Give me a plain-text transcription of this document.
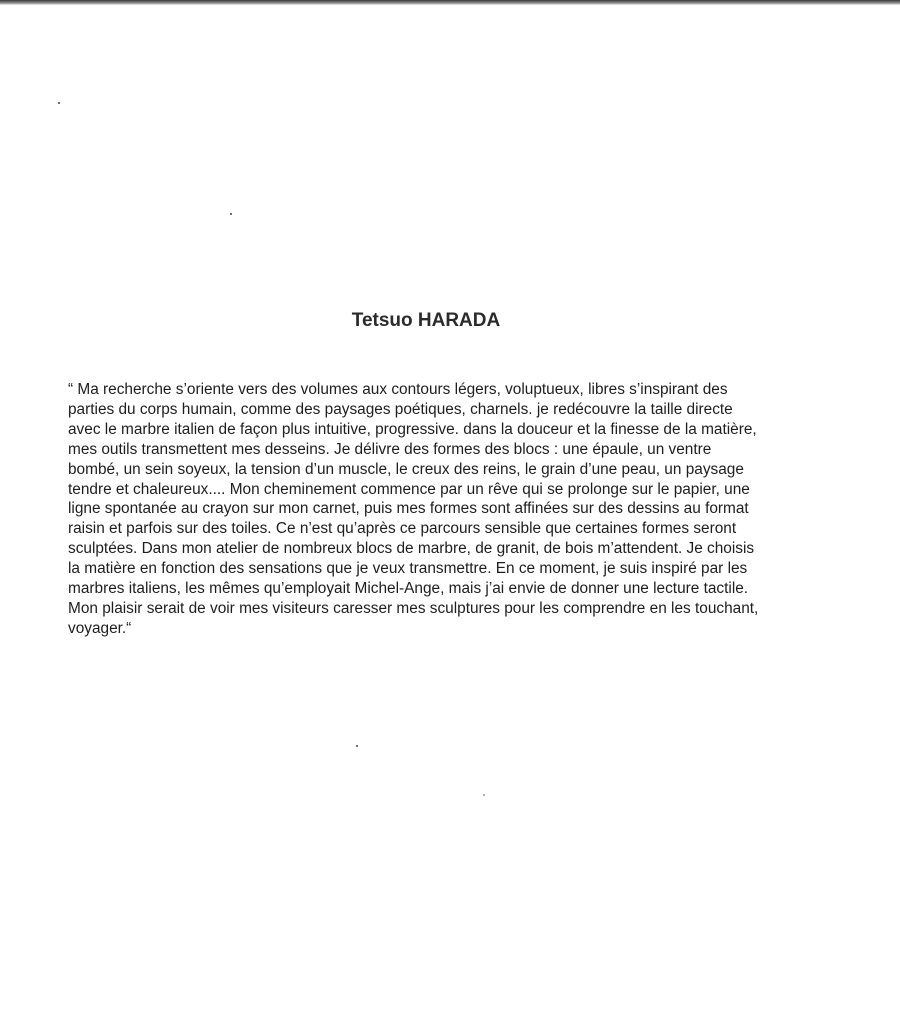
Tetsuo HARADA

“ Ma recherche s’oriente vers des volumes aux contours légers, voluptueux, libres s’inspirant des
parties du corps humain, comme des paysages poétiques, charnels. je redécouvre la taille directe
avec le marbre italien de façon plus intuitive, progressive. dans la douceur et la finesse de la matière,
mes outils transmettent mes desseins. Je délivre des formes des blocs : une épaule, un ventre
bombé, un sein soyeux, la tension d’un muscle, le creux des reins, le grain d’une peau, un paysage
tendre et chaleureux.... Mon cheminement commence par un rêve qui se prolonge sur le papier, une
ligne spontanée au crayon sur mon carnet, puis mes formes sont affinées sur des dessins au format
raisin et parfois sur des toiles. Ce n’est qu’après ce parcours sensible que certaines formes seront
sculptées. Dans mon atelier de nombreux blocs de marbre, de granit, de bois m’attendent. Je choisis
la matière en fonction des sensations que je veux transmettre. En ce moment, je suis inspiré par les
marbres italiens, les mêmes qu’employait Michel-Ange, mais j’ai envie de donner une lecture tactile.
Mon plaisir serait de voir mes visiteurs caresser mes sculptures pour les comprendre en les touchant,
voyager.“
